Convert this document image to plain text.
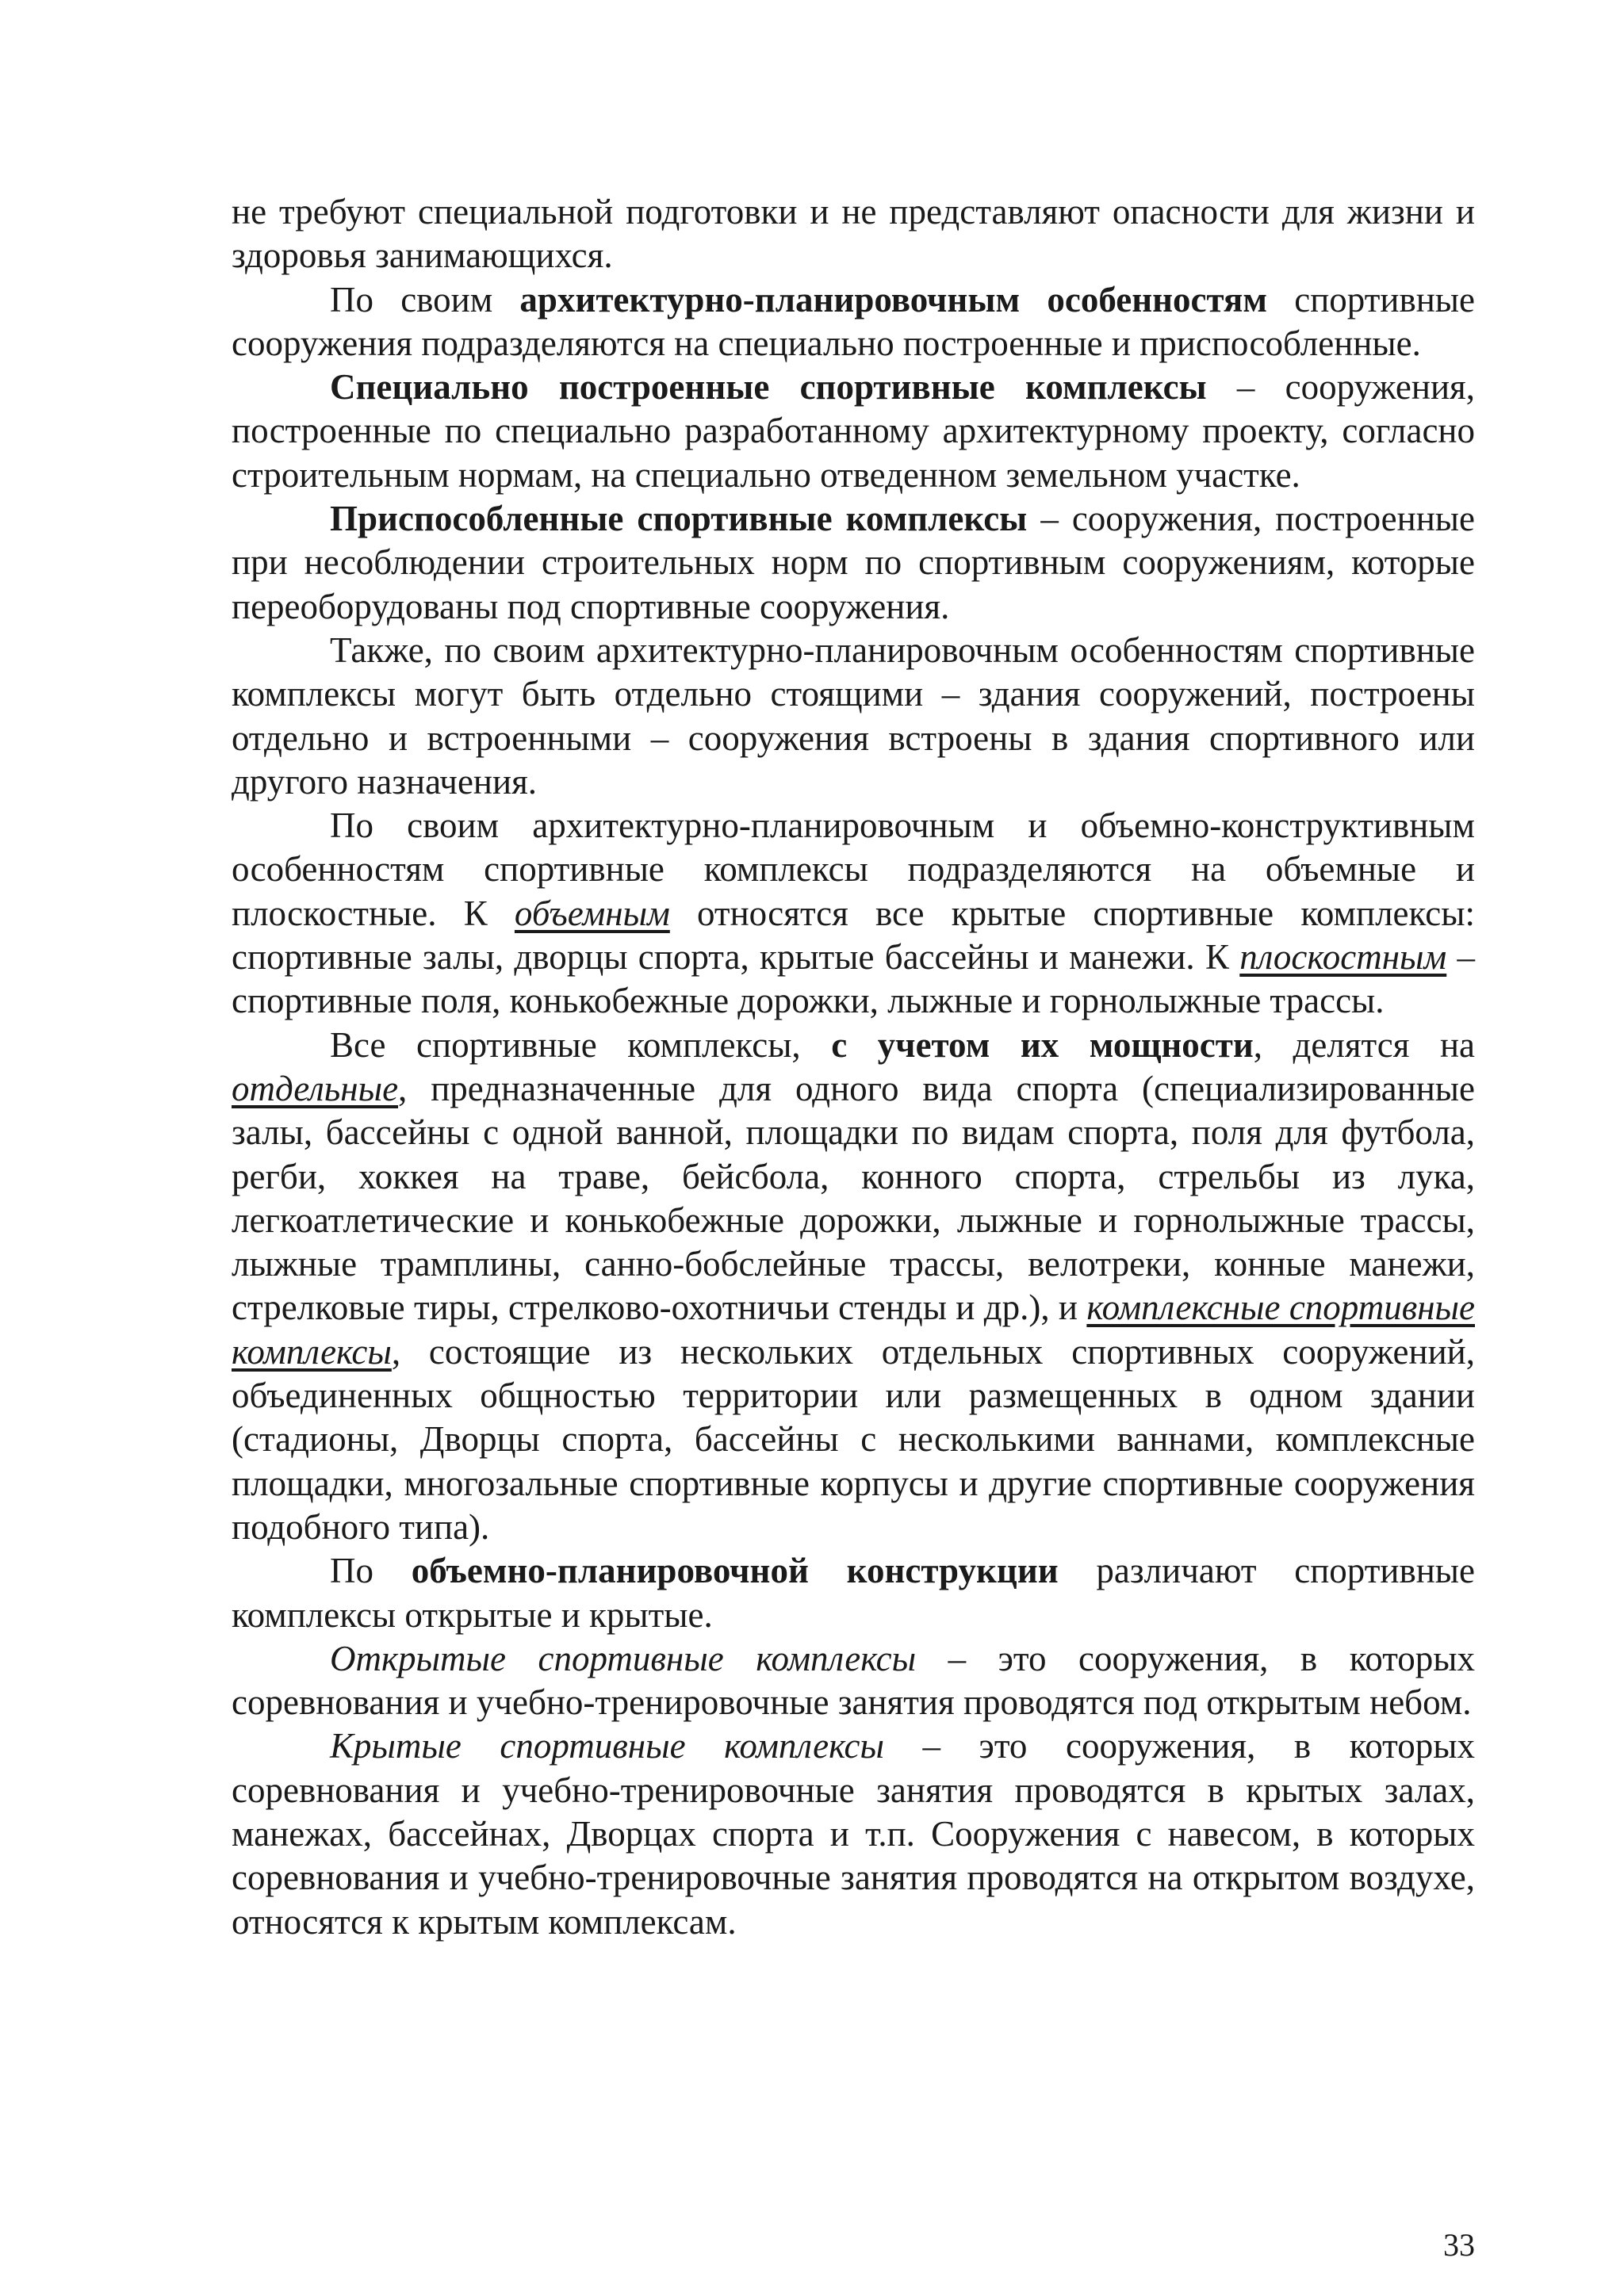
не требуют специальной подготовки и не представляют опасности для жизни и здоровья занимающихся.

По своим архитектурно-планировочным особенностям спортивные сооружения подразделяются на специально построенные и приспособленные.

Специально построенные спортивные комплексы – сооружения, построенные по специально разработанному архитектурному проекту, согласно строительным нормам, на специально отведенном земельном участке.

Приспособленные спортивные комплексы – сооружения, построенные при несоблюдении строительных норм по спортивным сооружениям, которые переоборудованы под спортивные сооружения.

Также, по своим архитектурно-планировочным особенностям спортивные комплексы могут быть отдельно стоящими – здания сооружений, построены отдельно и встроенными – сооружения встроены в здания спортивного или другого назначения.

По своим архитектурно-планировочным и объемно-конструктивным особенностям спортивные комплексы подразделяются на объемные и плоскостные. К объемным относятся все крытые спортивные комплексы: спортивные залы, дворцы спорта, крытые бассейны и манежи. К плоскостным – спортивные поля, конькобежные дорожки, лыжные и горнолыжные трассы.

Все спортивные комплексы, с учетом их мощности, делятся на отдельные, предназначенные для одного вида спорта (специализированные залы, бассейны с одной ванной, площадки по видам спорта, поля для футбола, регби, хоккея на траве, бейсбола, конного спорта, стрельбы из лука, легкоатлетические и конькобежные дорожки, лыжные и горнолыжные трассы, лыжные трамплины, санно-бобслейные трассы, велотреки, конные манежи, стрелковые тиры, стрелково-охотничьи стенды и др.), и комплексные спортивные комплексы, состоящие из нескольких отдельных спортивных сооружений, объединенных общностью территории или размещенных в одном здании (стадионы, Дворцы спорта, бассейны с несколькими ваннами, комплексные площадки, многозальные спортивные корпусы и другие спортивные сооружения подобного типа).

По объемно-планировочной конструкции различают спортивные комплексы открытые и крытые.

Открытые спортивные комплексы – это сооружения, в которых соревнования и учебно-тренировочные занятия проводятся под открытым небом.

Крытые спортивные комплексы – это сооружения, в которых соревнования и учебно-тренировочные занятия проводятся в крытых залах, манежах, бассейнах, Дворцах спорта и т.п. Сооружения с навесом, в которых соревнования и учебно-тренировочные занятия проводятся на открытом воздухе, относятся к крытым комплексам.

33
